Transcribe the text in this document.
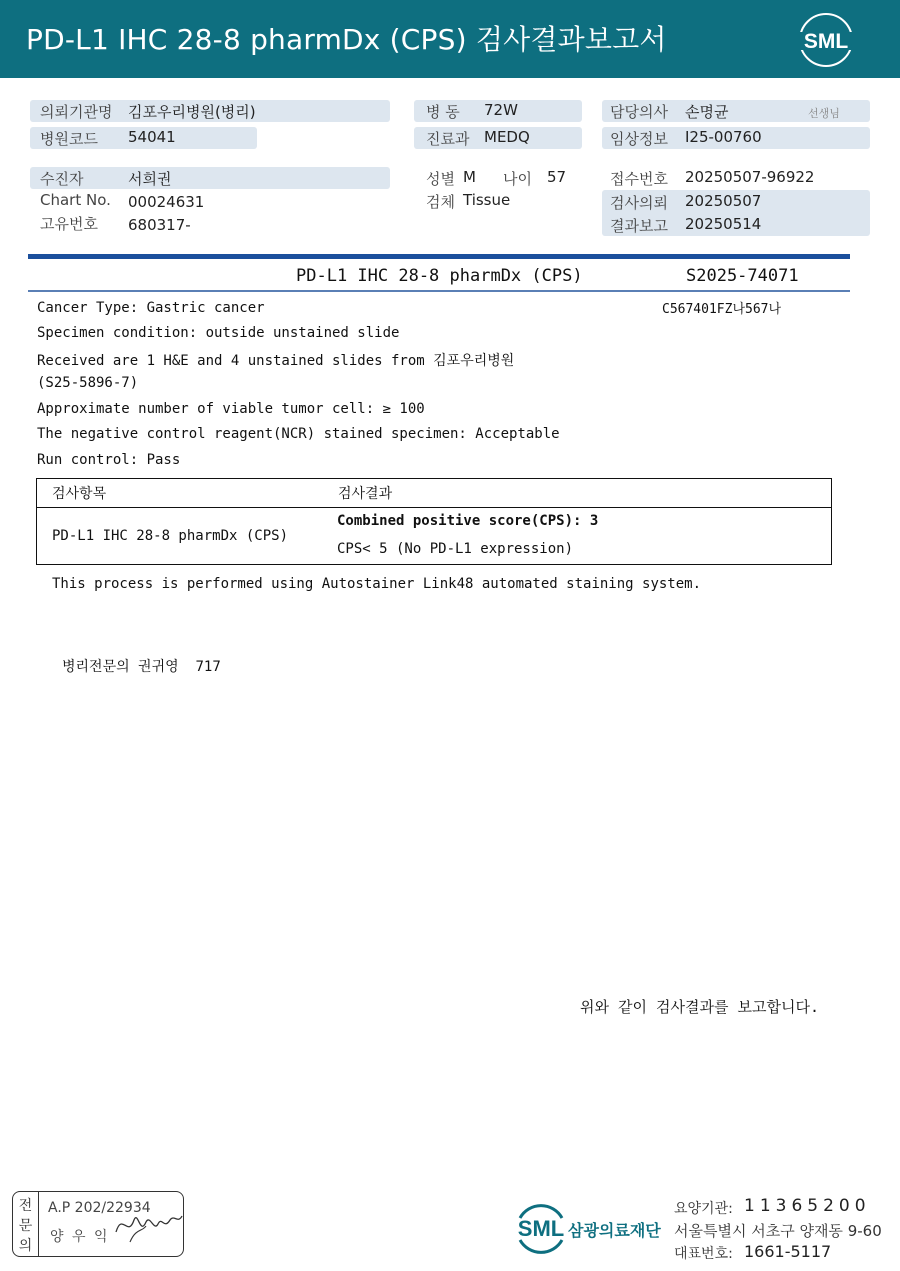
PD-L1 IHC 28-8 pharmDx (CPS) 검사결과보고서	SML
의뢰기관명 김포우리병원(병리)
병원코드 54041
수진자	서희권
Chart No. 00024631
고유번호 680317-
병 동 72W
진료과 MEDQ
성별 M 나이 57
검체 Tissue
담당의사 손명균	선생님
임상정보 I25-00760
접수번호 20250507-96922
검사의뢰 20250507
결과보고 20250514
PD-L1 IHC 28-8 pharmDx (CPS)	S2025-74071
C567401FZ나567나
Cancer Type: Gastric cancer
Specimen condition: outside unstained slide
Received are 1 H&E and 4 unstained slides from 김포우리병원
(S25-5896-7)
Approximate number of viable tumor cell: ≥ 100
The negative control reagent(NCR) stained specimen: Acceptable
Run control: Pass
검사항목	검사결과
PD-L1 IHC 28-8 pharmDx (CPS)
Combined positive score(CPS): 3
CPS< 5 (No PD-L1 expression)
This process is performed using Autostainer Link48 automated staining system.
병리전문의 권귀영  717
위와 같이 검사결과를 보고합니다.
전
문
의
A.P 202/22934
양 우 익	SML 삼광의료재단
요양기관: 11365200
서울특별시 서초구 양재동 9-60
대표번호: 1661-5117
